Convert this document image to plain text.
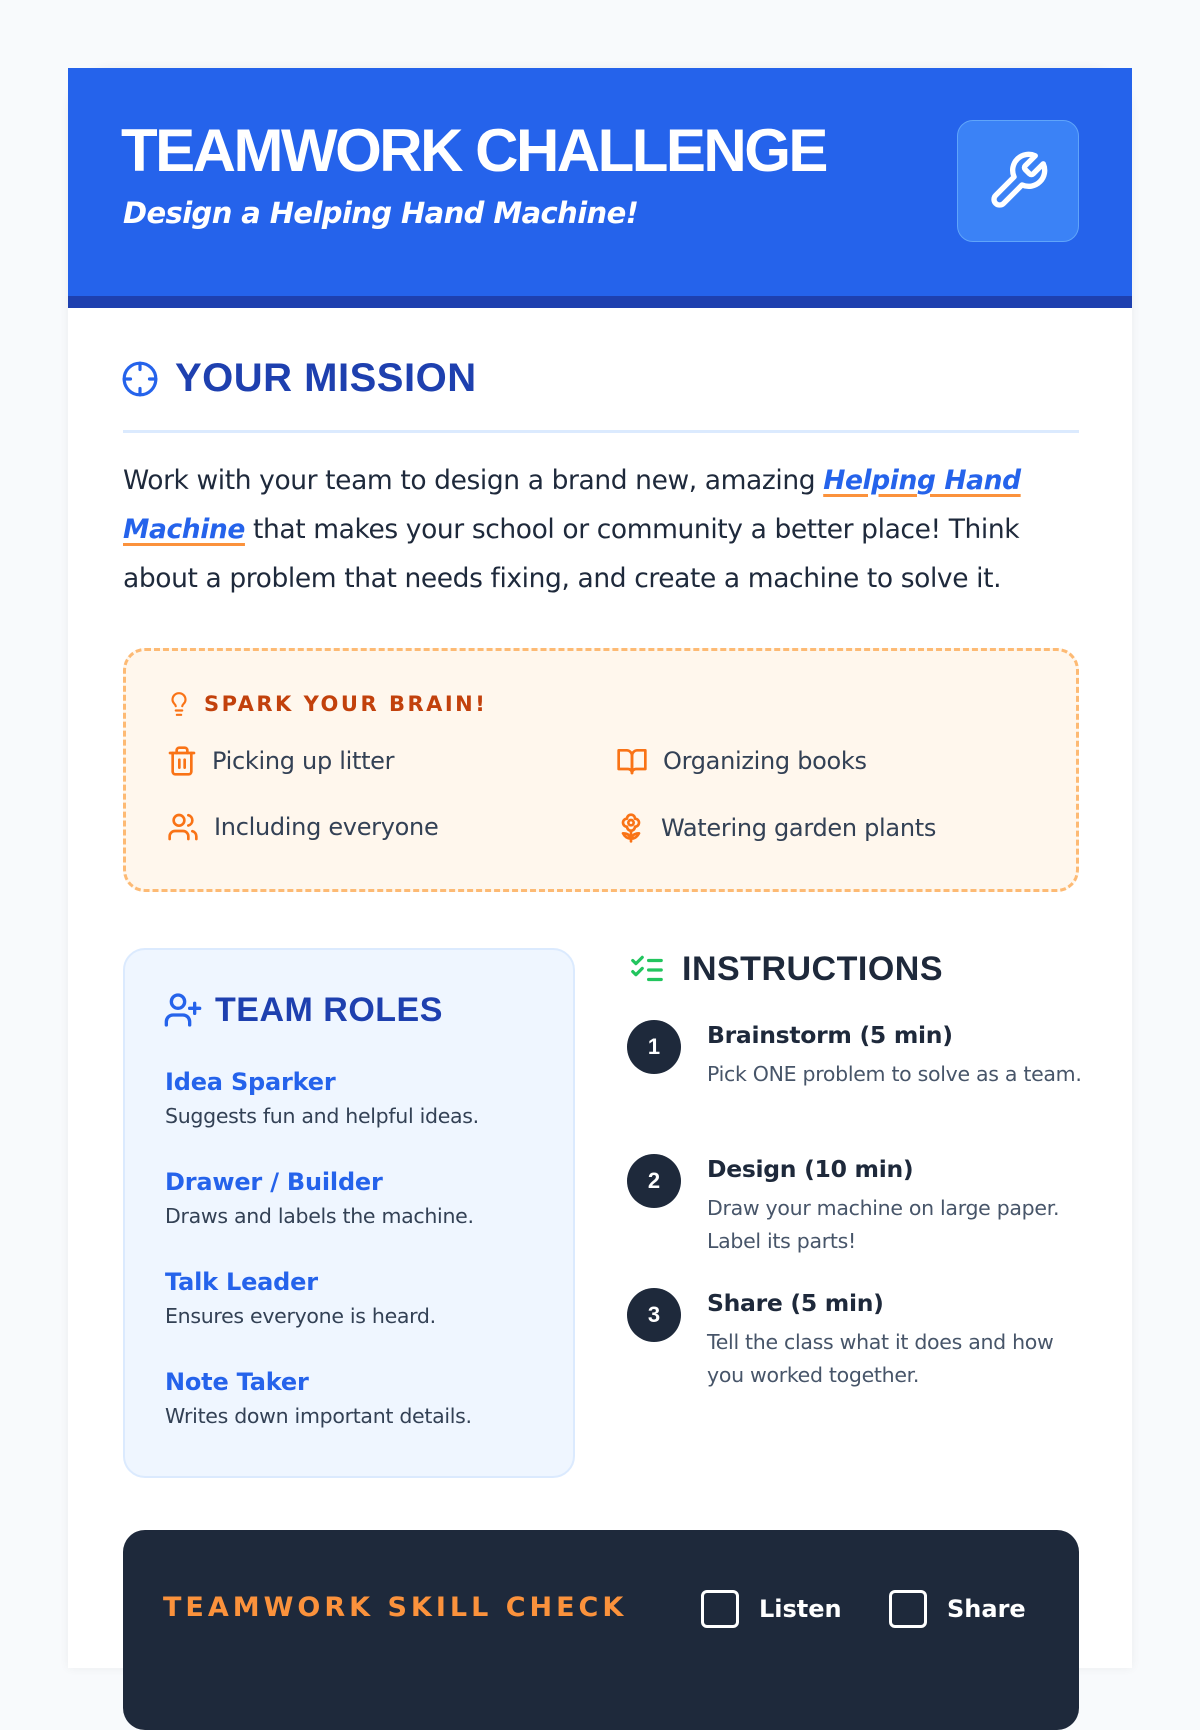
TEAMWORK CHALLENGE
Design a Helping Hand Machine!
YOUR MISSION

Work with your team to design a brand new, amazing Helping Hand Machine that makes your school or community a better place! Think about a problem that needs fixing, and create a machine to solve it.

SPARK YOUR BRAIN!
Picking up litter	Organizing books
Including everyone	Watering garden plants
TEAM ROLES
Idea Sparker
Suggests fun and helpful ideas.
Drawer / Builder
Draws and labels the machine.
Talk Leader
Ensures everyone is heard.
Note Taker
Writes down important details.
INSTRUCTIONS
1	Brainstorm (5 min)
Pick ONE problem to solve as a team.
2	Design (10 min)
Draw your machine on large paper. Label its parts!
3	Share (5 min)
Tell the class what it does and how you worked together.
TEAMWORK SKILL CHECK	Listen	Share
